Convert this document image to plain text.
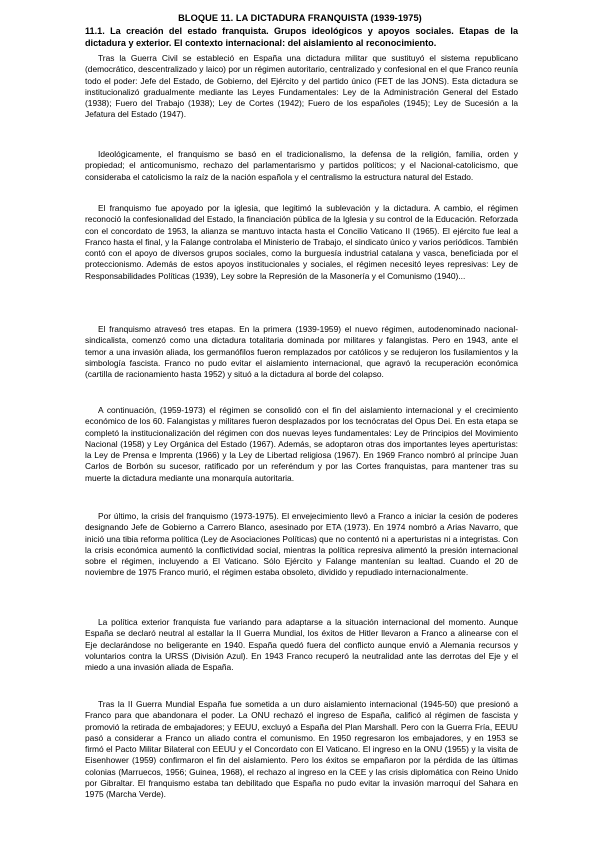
BLOQUE 11. LA DICTADURA FRANQUISTA (1939-1975)
11.1. La creación del estado franquista. Grupos ideológicos y apoyos sociales. Etapas de la dictadura y exterior. El contexto internacional: del aislamiento al reconocimiento.

Tras la Guerra Civil se estableció en España una dictadura militar que sustituyó el sistema republicano (democrático, descentralizado y laico) por un régimen autoritario, centralizado y confesional en el que Franco reunía todo el poder: Jefe del Estado, de Gobierno, del Ejército y del partido único (FET de las JONS). Esta dictadura se institucionalizó gradualmente mediante las Leyes Fundamentales: Ley de la Administración General del Estado (1938); Fuero del Trabajo (1938); Ley de Cortes (1942); Fuero de los españoles (1945); Ley de Sucesión a la Jefatura del Estado (1947).

Ideológicamente, el franquismo se basó en el tradicionalismo, la defensa de la religión, familia, orden y propiedad; el anticomunismo, rechazo del parlamentarismo y partidos políticos; y el Nacional-catolicismo, que consideraba el catolicismo la raíz de la nación española y el centralismo la estructura natural del Estado.

El franquismo fue apoyado por la iglesia, que legitimó la sublevación y la dictadura. A cambio, el régimen reconoció la confesionalidad del Estado, la financiación pública de la Iglesia y su control de la Educación. Reforzada con el concordato de 1953, la alianza se mantuvo intacta hasta el Concilio Vaticano II (1965). El ejército fue leal a Franco hasta el final, y la Falange controlaba el Ministerio de Trabajo, el sindicato único y varios periódicos. También contó con el apoyo de diversos grupos sociales, como la burguesía industrial catalana y vasca, beneficiada por el proteccionismo. Además de estos apoyos institucionales y sociales, el régimen necesitó leyes represivas: Ley de Responsabilidades Políticas (1939), Ley sobre la Represión de la Masonería y el Comunismo (1940)...

El franquismo atravesó tres etapas. En la primera (1939-1959) el nuevo régimen, autodenominado nacional-sindicalista, comenzó como una dictadura totalitaria dominada por militares y falangistas. Pero en 1943, ante el temor a una invasión aliada, los germanófilos fueron remplazados por católicos y se redujeron los fusilamientos y la simbología fascista. Franco no pudo evitar el aislamiento internacional, que agravó la recuperación económica (cartilla de racionamiento hasta 1952) y situó a la dictadura al borde del colapso.

A continuación, (1959-1973) el régimen se consolidó con el fin del aislamiento internacional y el crecimiento económico de los 60. Falangistas y militares fueron desplazados por los tecnócratas del Opus Dei. En esta etapa se completó la institucionalización del régimen con dos nuevas leyes fundamentales: Ley de Principios del Movimiento Nacional (1958) y Ley Orgánica del Estado (1967). Además, se adoptaron otras dos importantes leyes aperturistas: la Ley de Prensa e Imprenta (1966) y la Ley de Libertad religiosa (1967). En 1969 Franco nombró al príncipe Juan Carlos de Borbón su sucesor, ratificado por un referéndum y por las Cortes franquistas, para mantener tras su muerte la dictadura mediante una monarquía autoritaria.

Por último, la crisis del franquismo (1973-1975). El envejecimiento llevó a Franco a iniciar la cesión de poderes designando Jefe de Gobierno a Carrero Blanco, asesinado por ETA (1973). En 1974 nombró a Arias Navarro, que inició una tibia reforma política (Ley de Asociaciones Políticas) que no contentó ni a aperturistas ni a integristas. Con la crisis económica aumentó la conflictividad social, mientras la política represiva alimentó la presión internacional sobre el régimen, incluyendo a El Vaticano. Sólo Ejército y Falange mantenían su lealtad. Cuando el 20 de noviembre de 1975 Franco murió, el régimen estaba obsoleto, dividido y repudiado internacionalmente.

La política exterior franquista fue variando para adaptarse a la situación internacional del momento. Aunque España se declaró neutral al estallar la II Guerra Mundial, los éxitos de Hitler llevaron a Franco a alinearse con el Eje declarándose no beligerante en 1940. España quedó fuera del conflicto aunque envió a Alemania recursos y voluntarios contra la URSS (División Azul). En 1943 Franco recuperó la neutralidad ante las derrotas del Eje y el miedo a una invasión aliada de España.

Tras la II Guerra Mundial España fue sometida a un duro aislamiento internacional (1945-50) que presionó a Franco para que abandonara el poder. La ONU rechazó el ingreso de España, calificó al régimen de fascista y promovió la retirada de embajadores; y EEUU, excluyó a España del Plan Marshall. Pero con la Guerra Fría, EEUU pasó a considerar a Franco un aliado contra el comunismo. En 1950 regresaron los embajadores, y en 1953 se firmó el Pacto Militar Bilateral con EEUU y el Concordato con El Vaticano. El ingreso en la ONU (1955) y la visita de Eisenhower (1959) confirmaron el fin del aislamiento. Pero los éxitos se empañaron por la pérdida de las últimas colonias (Marruecos, 1956; Guinea, 1968), el rechazo al ingreso en la CEE y las crisis diplomática con Reino Unido por Gibraltar. El franquismo estaba tan debilitado que España no pudo evitar la invasión marroquí del Sahara en 1975 (Marcha Verde).
